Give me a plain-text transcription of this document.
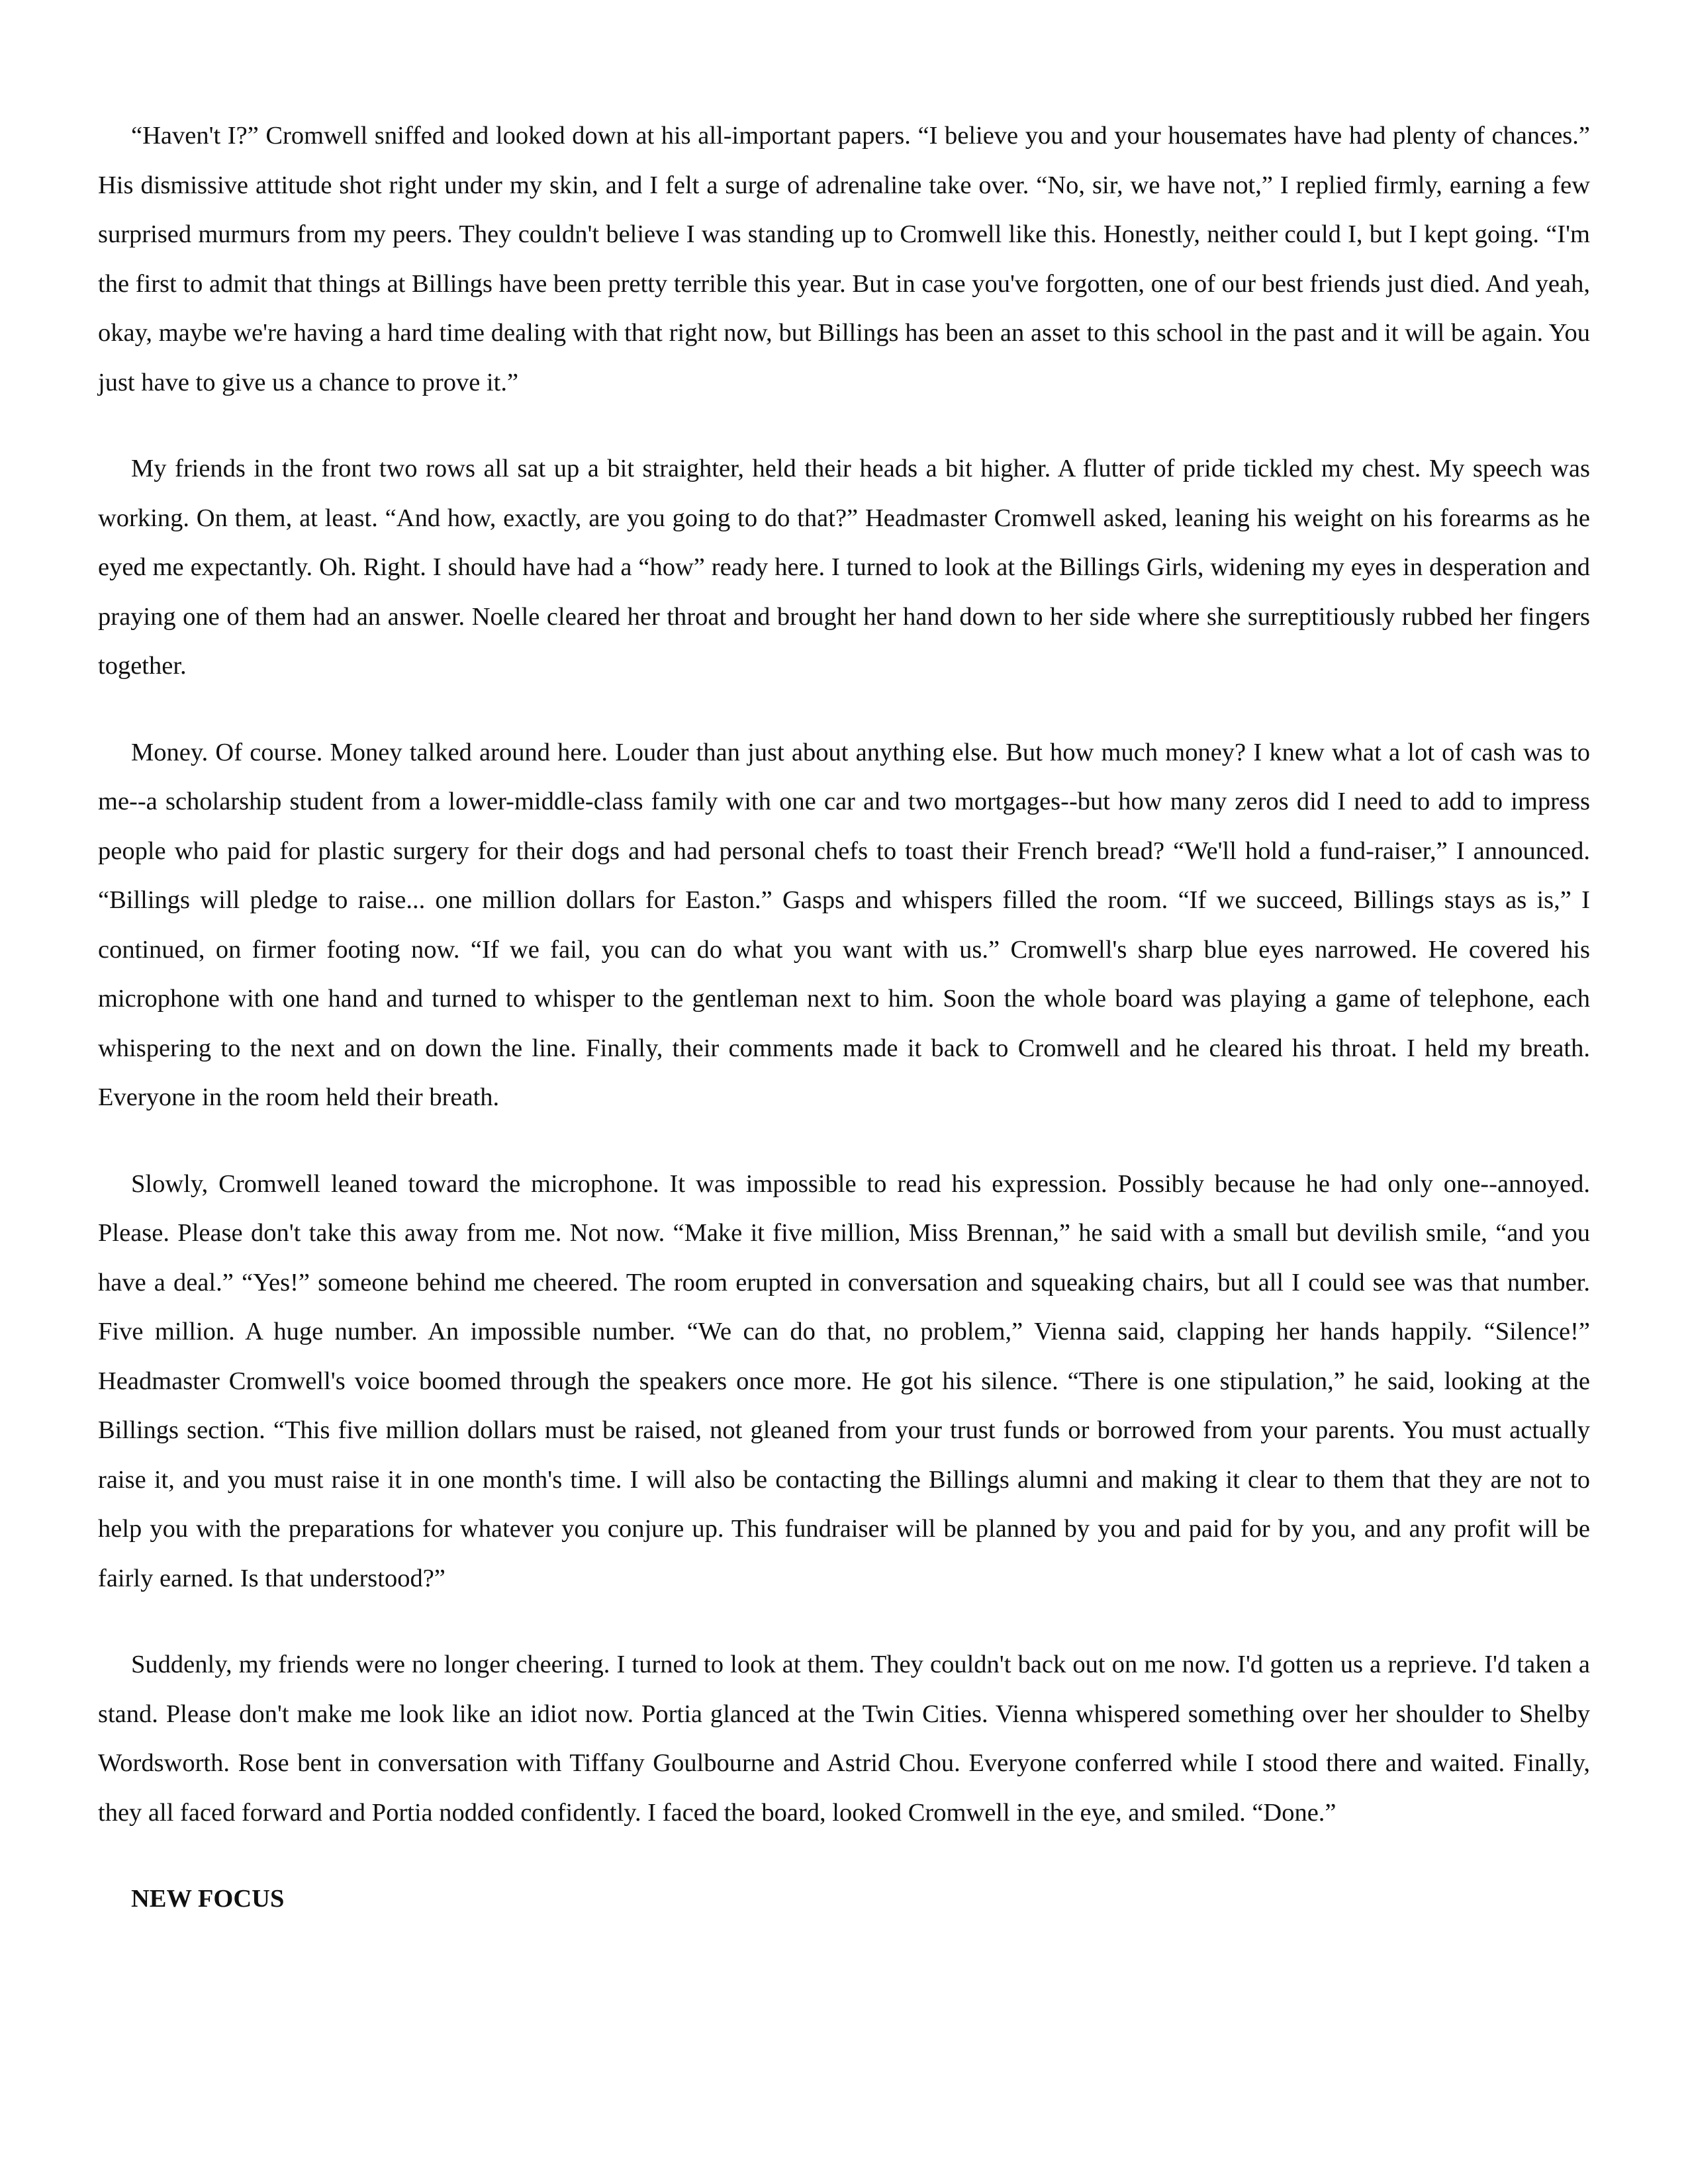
“Haven't I?” Cromwell sniffed and looked down at his all-important papers. “I believe you and your housemates have had plenty of chances.” His dismissive attitude shot right under my skin, and I felt a surge of adrenaline take over. “No, sir, we have not,” I replied firmly, earning a few surprised murmurs from my peers. They couldn't believe I was standing up to Cromwell like this. Honestly, neither could I, but I kept going. “I'm the first to admit that things at Billings have been pretty terrible this year. But in case you've forgotten, one of our best friends just died. And yeah, okay, maybe we're having a hard time dealing with that right now, but Billings has been an asset to this school in the past and it will be again. You just have to give us a chance to prove it.”

My friends in the front two rows all sat up a bit straighter, held their heads a bit higher. A flutter of pride tickled my chest. My speech was working. On them, at least. “And how, exactly, are you going to do that?” Headmaster Cromwell asked, leaning his weight on his forearms as he eyed me expectantly. Oh. Right. I should have had a “how” ready here. I turned to look at the Billings Girls, widening my eyes in desperation and praying one of them had an answer. Noelle cleared her throat and brought her hand down to her side where she surreptitiously rubbed her fingers together.

Money. Of course. Money talked around here. Louder than just about anything else. But how much money? I knew what a lot of cash was to me--a scholarship student from a lower-middle-class family with one car and two mortgages--but how many zeros did I need to add to impress people who paid for plastic surgery for their dogs and had personal chefs to toast their French bread? “We'll hold a fund-raiser,” I announced. “Billings will pledge to raise... one million dollars for Easton.” Gasps and whispers filled the room. “If we succeed, Billings stays as is,” I continued, on firmer footing now. “If we fail, you can do what you want with us.” Cromwell's sharp blue eyes narrowed. He covered his microphone with one hand and turned to whisper to the gentleman next to him. Soon the whole board was playing a game of telephone, each whispering to the next and on down the line. Finally, their comments made it back to Cromwell and he cleared his throat. I held my breath. Everyone in the room held their breath.

Slowly, Cromwell leaned toward the microphone. It was impossible to read his expression. Possibly because he had only one--annoyed. Please. Please don't take this away from me. Not now. “Make it five million, Miss Brennan,” he said with a small but devilish smile, “and you have a deal.” “Yes!” someone behind me cheered. The room erupted in conversation and squeaking chairs, but all I could see was that number. Five million. A huge number. An impossible number. “We can do that, no problem,” Vienna said, clapping her hands happily. “Silence!” Headmaster Cromwell's voice boomed through the speakers once more. He got his silence. “There is one stipulation,” he said, looking at the Billings section. “This five million dollars must be raised, not gleaned from your trust funds or borrowed from your parents. You must actually raise it, and you must raise it in one month's time. I will also be contacting the Billings alumni and making it clear to them that they are not to help you with the preparations for whatever you conjure up. This fundraiser will be planned by you and paid for by you, and any profit will be fairly earned. Is that understood?”

Suddenly, my friends were no longer cheering. I turned to look at them. They couldn't back out on me now. I'd gotten us a reprieve. I'd taken a stand. Please don't make me look like an idiot now. Portia glanced at the Twin Cities. Vienna whispered something over her shoulder to Shelby Wordsworth. Rose bent in conversation with Tiffany Goulbourne and Astrid Chou. Everyone conferred while I stood there and waited. Finally, they all faced forward and Portia nodded confidently. I faced the board, looked Cromwell in the eye, and smiled. “Done.”

NEW FOCUS
